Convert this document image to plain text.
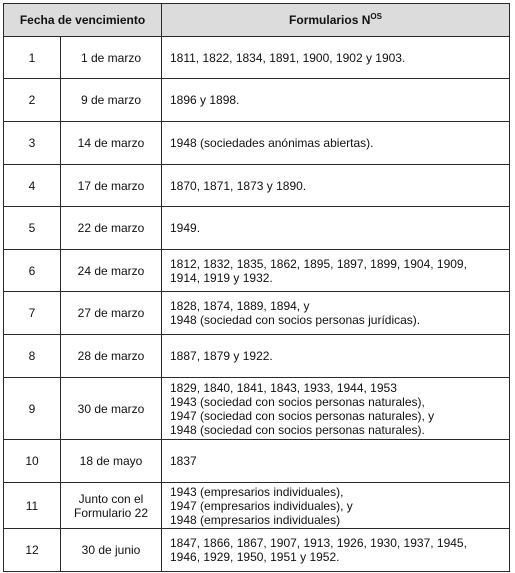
Fecha de vencimiento		Formularios $N^{OS}$
1	1 de marzo	1811, 1822, 1834, 1891, 1900, 1902 y 1903.

2	9 de marzo	1896 y 1898.

3	14 de marzo	1948 (sociedades anónimas abiertas).

4	17 de marzo	1870, 1871, 1873 y 1890.

5	22 de marzo	1949.

6	24 de marzo	1812, 1832, 1835, 1862, 1895, 1897, 1899, 1904, 1909,
1914, 1919 y 1932.

7	27 de marzo	1828, 1874, 1889, 1894, y
1948 (sociedad con socios personas jurídicas).

8	28 de marzo	1887, 1879 y 1922.

9	30 de marzo	1829, 1840, 1841, 1843, 1933, 1944, 1953
1943 (sociedad con socios personas naturales),
1947 (sociedad con socios personas naturales), y
1948 (sociedad con socios personas naturales).

10	18 de mayo	1837

11	Junto con el
Formulario 22	1943 (empresarios individuales),
1947 (empresarios individuales), y
1948 (empresarios individuales)

12	30 de junio	1847, 1866, 1867, 1907, 1913, 1926, 1930, 1937, 1945,
1946, 1929, 1950, 1951 y 1952.
